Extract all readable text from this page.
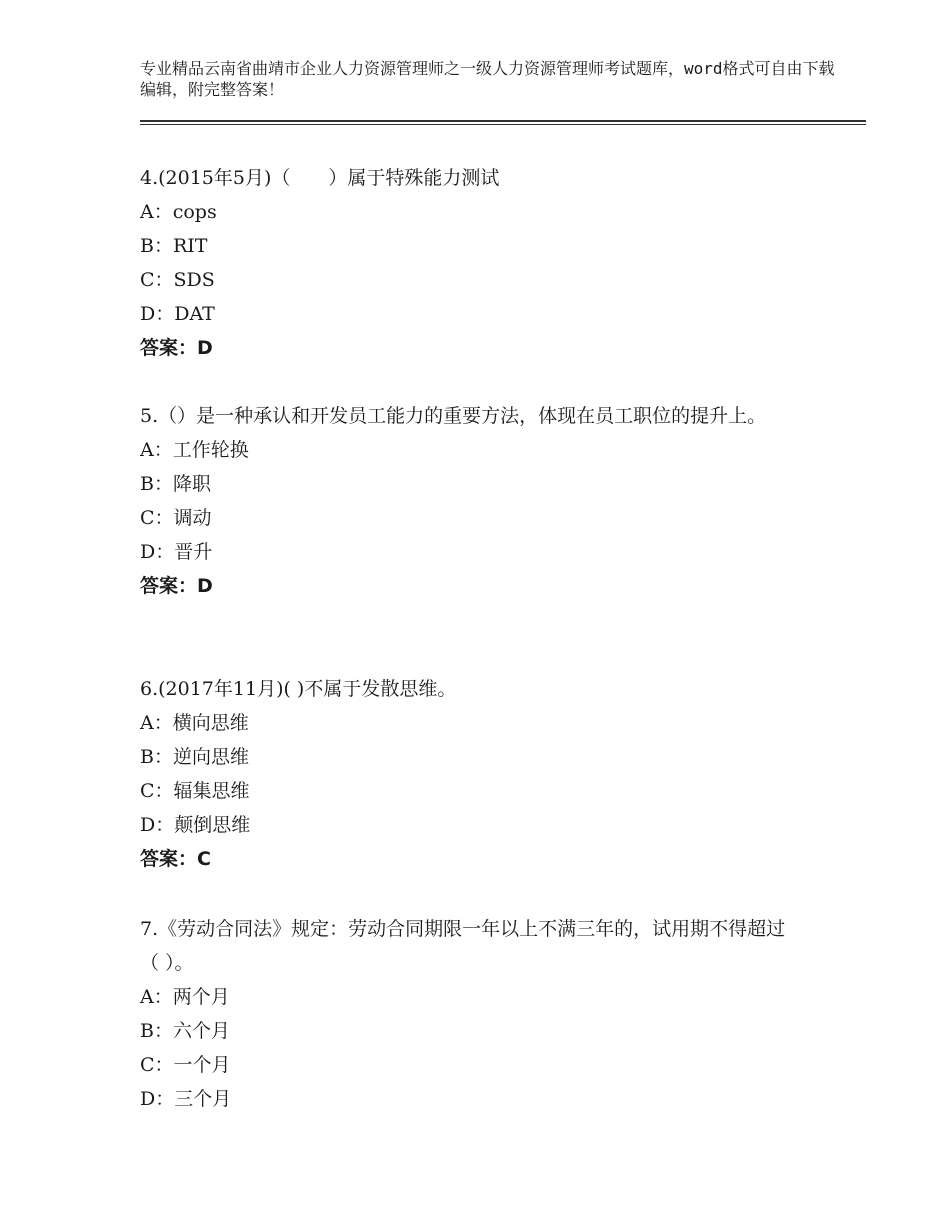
专业精品云南省曲靖市企业人力资源管理师之一级人力资源管理师考试题库，word格式可自由下载编辑，附完整答案！
4.(2015年5月)（　　）属于特殊能力测试
A：cops
B：RIT
C：SDS
D：DAT
答案：D
5.（）是一种承认和开发员工能力的重要方法，体现在员工职位的提升上。
A：工作轮换
B：降职
C：调动
D：晋升
答案：D
6.(2017年11月)( )不属于发散思维。
A：横向思维
B：逆向思维
C：辐集思维
D：颠倒思维
答案：C
7.《劳动合同法》规定：劳动合同期限一年以上不满三年的，试用期不得超过（ ）。
A：两个月
B：六个月
C：一个月
D：三个月
